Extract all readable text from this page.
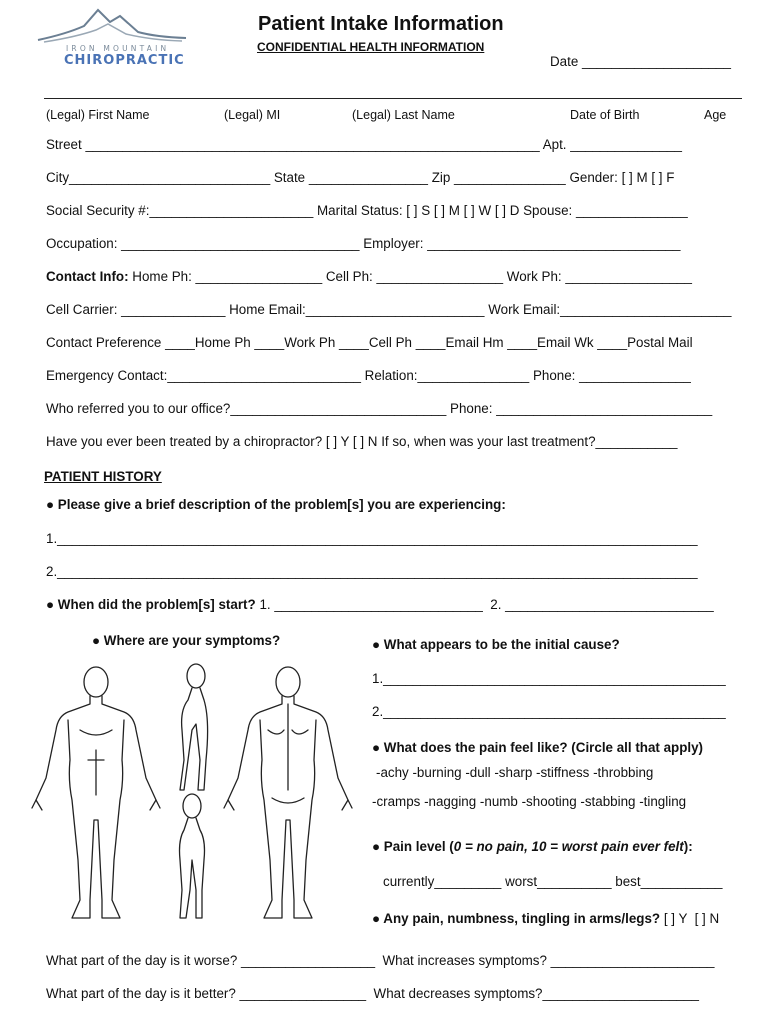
IRON MOUNTAIN
CHIROPRACTIC
Patient Intake Information
CONFIDENTIAL HEALTH INFORMATION
Date ____________________
(Legal) First Name	(Legal) MI	(Legal) Last Name	Date of Birth	Age
Street _____________________________________________________________ Apt. _______________
City___________________________ State ________________ Zip _______________ Gender: [ ] M [ ] F
Social Security #:______________________ Marital Status: [ ] S [ ] M [ ] W [ ] D Spouse: _______________
Occupation: ________________________________ Employer: __________________________________
Contact Info: Home Ph: _________________ Cell Ph: _________________ Work Ph: _________________
Cell Carrier: ______________ Home Email:________________________ Work Email:_______________________
Contact Preference ____Home Ph ____Work Ph ____Cell Ph ____Email Hm ____Email Wk ____Postal Mail
Emergency Contact:__________________________ Relation:_______________ Phone: _______________
Who referred you to our office?_____________________________ Phone: _____________________________
Have you ever been treated by a chiropractor? [ ] Y [ ] N If so, when was your last treatment?___________
PATIENT HISTORY
● Please give a brief description of the problem[s] you are experiencing:
1.______________________________________________________________________________________
2.______________________________________________________________________________________
● When did the problem[s] start? 1. ____________________________  2. ____________________________
● Where are your symptoms?	● What appears to be the initial cause?
1.______________________________________________
2.______________________________________________
● What does the pain feel like? (Circle all that apply)
-achy -burning -dull -sharp -stiffness -throbbing
-cramps -nagging -numb -shooting -stabbing -tingling
● Pain level (0 = no pain, 10 = worst pain ever felt):
currently_________ worst__________ best___________
● Any pain, numbness, tingling in arms/legs? [ ] Y  [ ] N
What part of the day is it worse? __________________  What increases symptoms? ______________________
What part of the day is it better? _________________  What decreases symptoms?_____________________
